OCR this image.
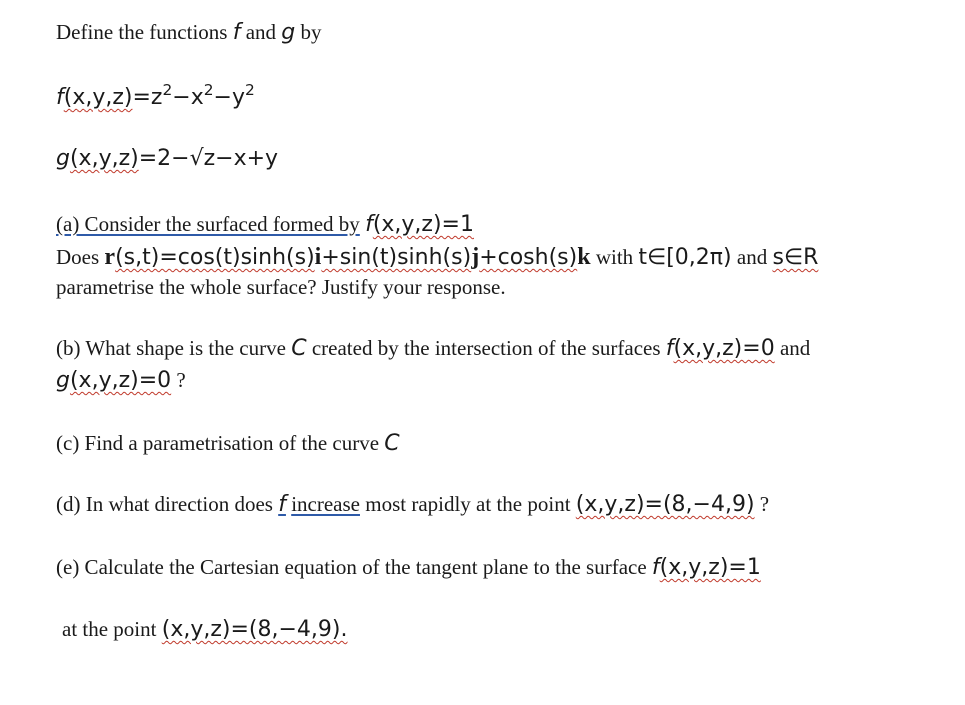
Define the functions f and g by
$f(x,y,z)=z^2-x^2-y^2$
g(x,y,z)=2−√z−x+y
(a) Consider the surfaced formed by f(x,y,z)=1
Does r(s,t)=cos(t)sinh(s)i+sin(t)sinh(s)j+cosh(s)k with t∈[0,2π) and s∈R
parametrise the whole surface? Justify your response.
(b) What shape is the curve C created by the intersection of the surfaces f(x,y,z)=0 and
g(x,y,z)=0 ?
(c) Find a parametrisation of the curve C
(d) In what direction does f increase most rapidly at the point (x,y,z)=(8,−4,9) ?
(e) Calculate the Cartesian equation of the tangent plane to the surface f(x,y,z)=1
at the point (x,y,z)=(8,−4,9).
